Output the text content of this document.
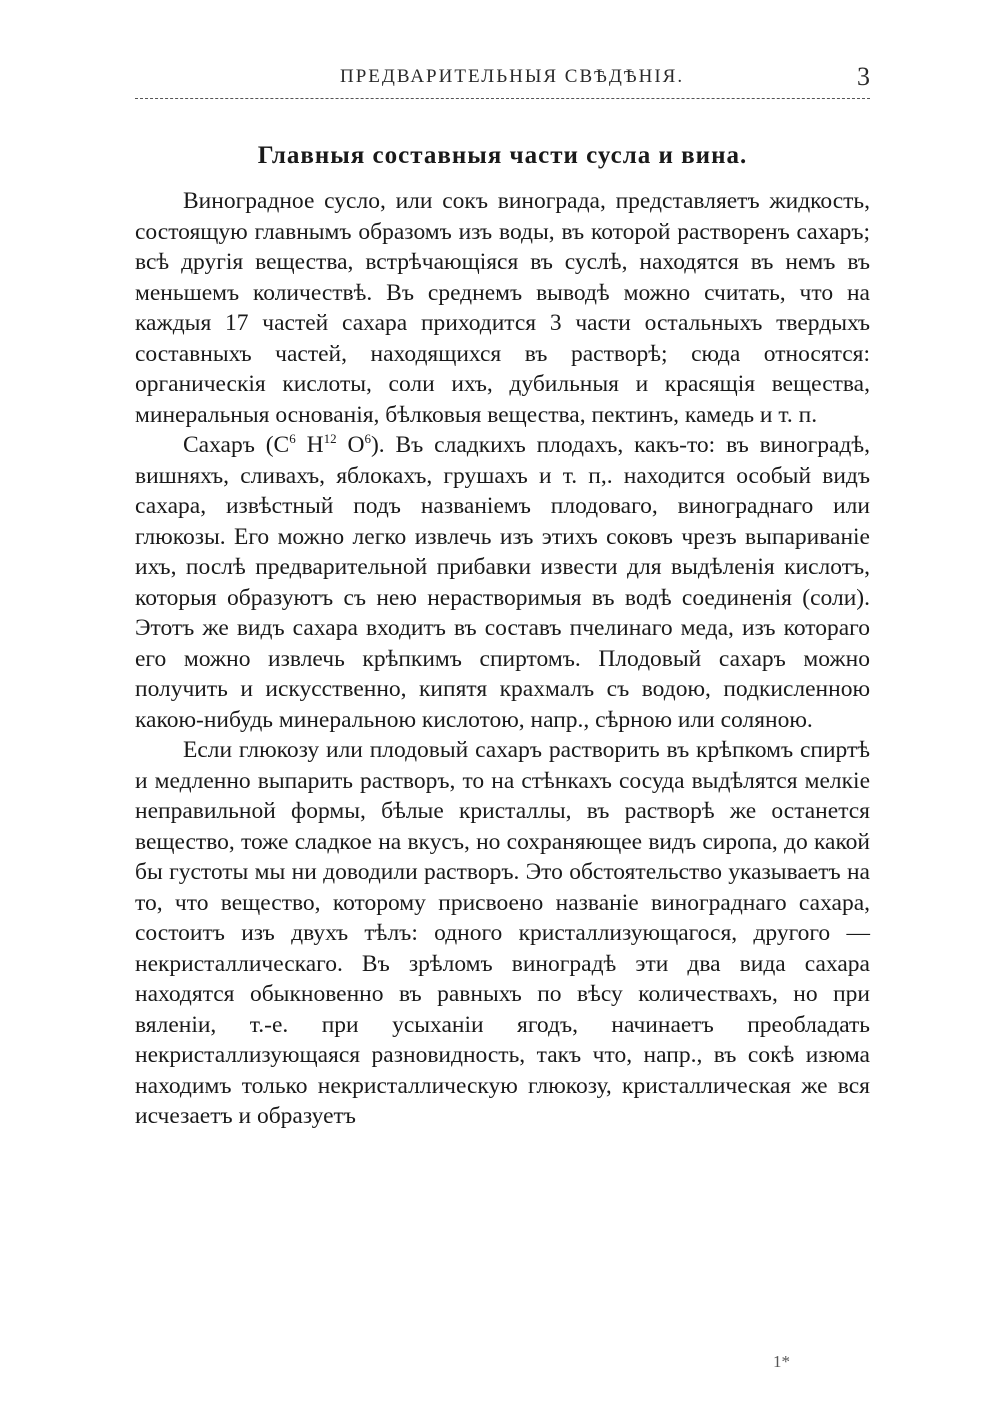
ПРЕДВАРИТЕЛЬНЫЯ СВѢДѢНІЯ.	3
Главныя составныя части сусла и вина.

Виноградное сусло, или сокъ винограда, представляетъ жидкость, состоящую главнымъ образомъ изъ воды, въ которой растворенъ сахаръ; всѣ другія вещества, встрѣчающіяся въ суслѣ, находятся въ немъ въ меньшемъ количествѣ. Въ среднемъ выводѣ можно считать, что на каждыя 17 частей сахара приходится 3 части остальныхъ твердыхъ составныхъ частей, находящихся въ растворѣ; сюда относятся: органическія кислоты, соли ихъ, дубильныя и красящія вещества, минеральныя основанія, бѣлковыя вещества, пектинъ, камедь и т. п.

Сахаръ ($C^6$ $H^{12}$ $O^6$). Въ сладкихъ плодахъ, какъ-то: въ виноградѣ, вишняхъ, сливахъ, яблокахъ, грушахъ и т. п,. находится особый видъ сахара, извѣстный подъ названіемъ плодоваго, винограднаго или глюкозы. Его можно легко извлечь изъ этихъ соковъ чрезъ выпариваніе ихъ, послѣ предварительной прибавки извести для выдѣленія кислотъ, которыя образуютъ съ нею нерастворимыя въ водѣ соединенія (соли). Этотъ же видъ сахара входитъ въ составъ пчелинаго меда, изъ котораго его можно извлечь крѣпкимъ спиртомъ. Плодовый сахаръ можно получить и искусственно, кипятя крахмалъ съ водою, подкисленною какою-нибудь минеральною кислотою, напр., сѣрною или соляною.

Если глюкозу или плодовый сахаръ растворить въ крѣпкомъ спиртѣ и медленно выпарить растворъ, то на стѣнкахъ сосуда выдѣлятся мелкіе неправильной формы, бѣлые кристаллы, въ растворѣ же останется вещество, тоже сладкое на вкусъ, но сохраняющее видъ сиропа, до какой бы густоты мы ни доводили растворъ. Это обстоятельство указываетъ на то, что вещество, которому присвоено названіе винограднаго сахара, состоитъ изъ двухъ тѣлъ: одного кристаллизующагося, другого — некристаллическаго. Въ зрѣломъ виноградѣ эти два вида сахара находятся обыкновенно въ равныхъ по вѣсу количествахъ, но при вяленіи, т.-е. при усыханіи ягодъ, начинаетъ преобладать некристаллизующаяся разновидность, такъ что, напр., въ сокѣ изюма находимъ только некристаллическую глюкозу, кристаллическая же вся исчезаетъ и образуетъ

1*
